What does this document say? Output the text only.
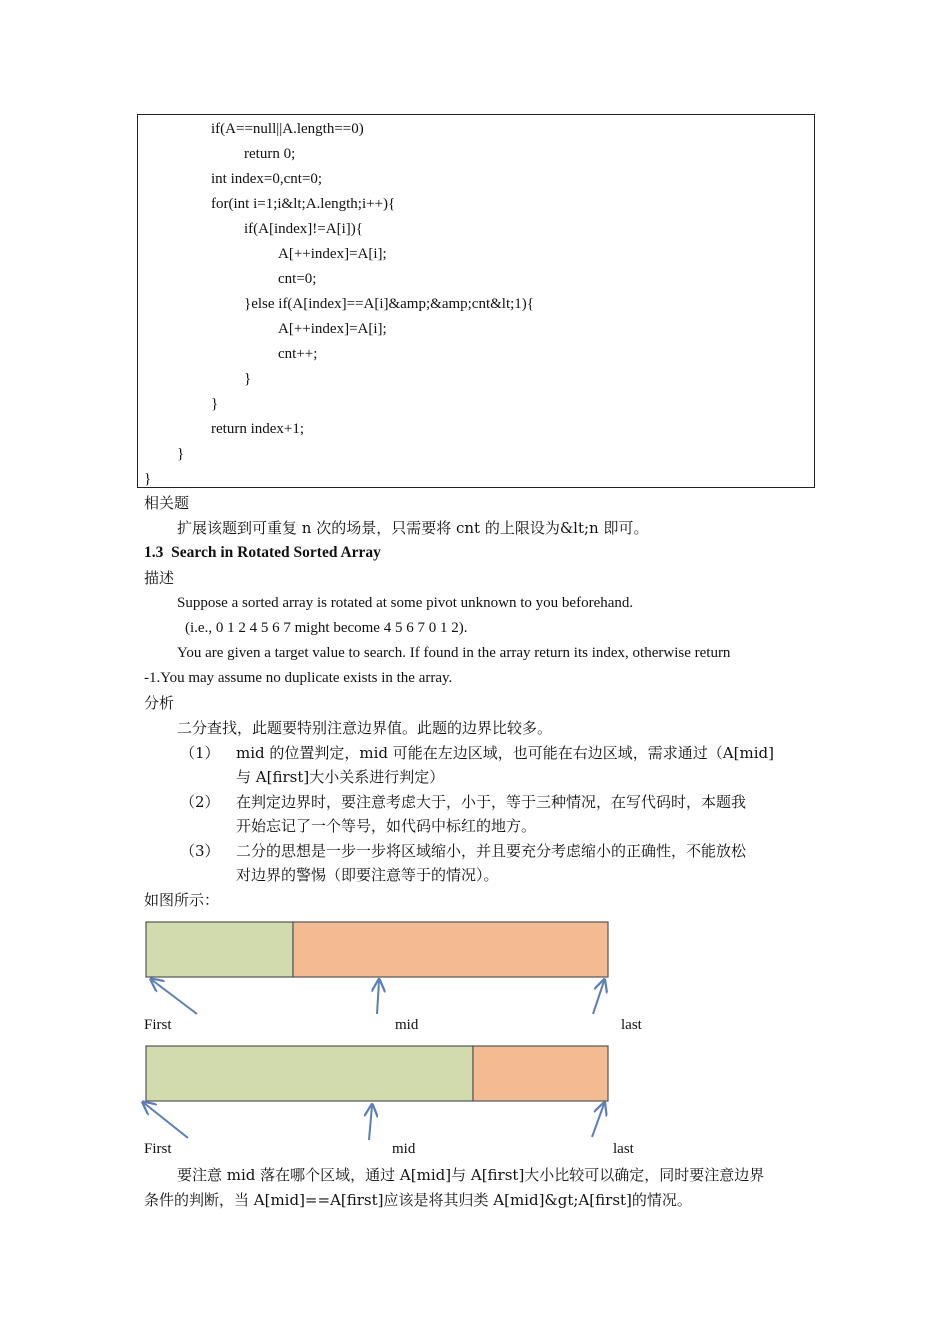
if(A==null||A.length==0)
return 0;
int index=0,cnt=0;
for(int i=1;i&lt;A.length;i++){
if(A[index]!=A[i]){
A[++index]=A[i];
cnt=0;
}else if(A[index]==A[i]&amp;&amp;cnt&lt;1){
A[++index]=A[i];
cnt++;
}
}
return index+1;
}
}
相关题
扩展该题到可重复 n 次的场景，只需要将 cnt 的上限设为&lt;n 即可。
1.3 Search in Rotated Sorted Array
描述
Suppose a sorted array is rotated at some pivot unknown to you beforehand.
(i.e., 0 1 2 4 5 6 7 might become 4 5 6 7 0 1 2).
You are given a target value to search. If found in the array return its index, otherwise return
-1.You may assume no duplicate exists in the array.
分析
二分查找，此题要特别注意边界值。此题的边界比较多。
（1） mid 的位置判定，mid 可能在左边区域，也可能在右边区域，需求通过（A[mid]
与 A[first]大小关系进行判定）
（2） 在判定边界时，要注意考虑大于，小于，等于三种情况，在写代码时，本题我
开始忘记了一个等号，如代码中标红的地方。
（3） 二分的思想是一步一步将区域缩小，并且要充分考虑缩小的正确性，不能放松
对边界的警惕（即要注意等于的情况）。
如图所示：
First	mid	last
First	mid	last
要注意 mid 落在哪个区域，通过 A[mid]与 A[first]大小比较可以确定，同时要注意边界
条件的判断，当 A[mid]==A[first]应该是将其归类 A[mid]&gt;A[first]的情况。
